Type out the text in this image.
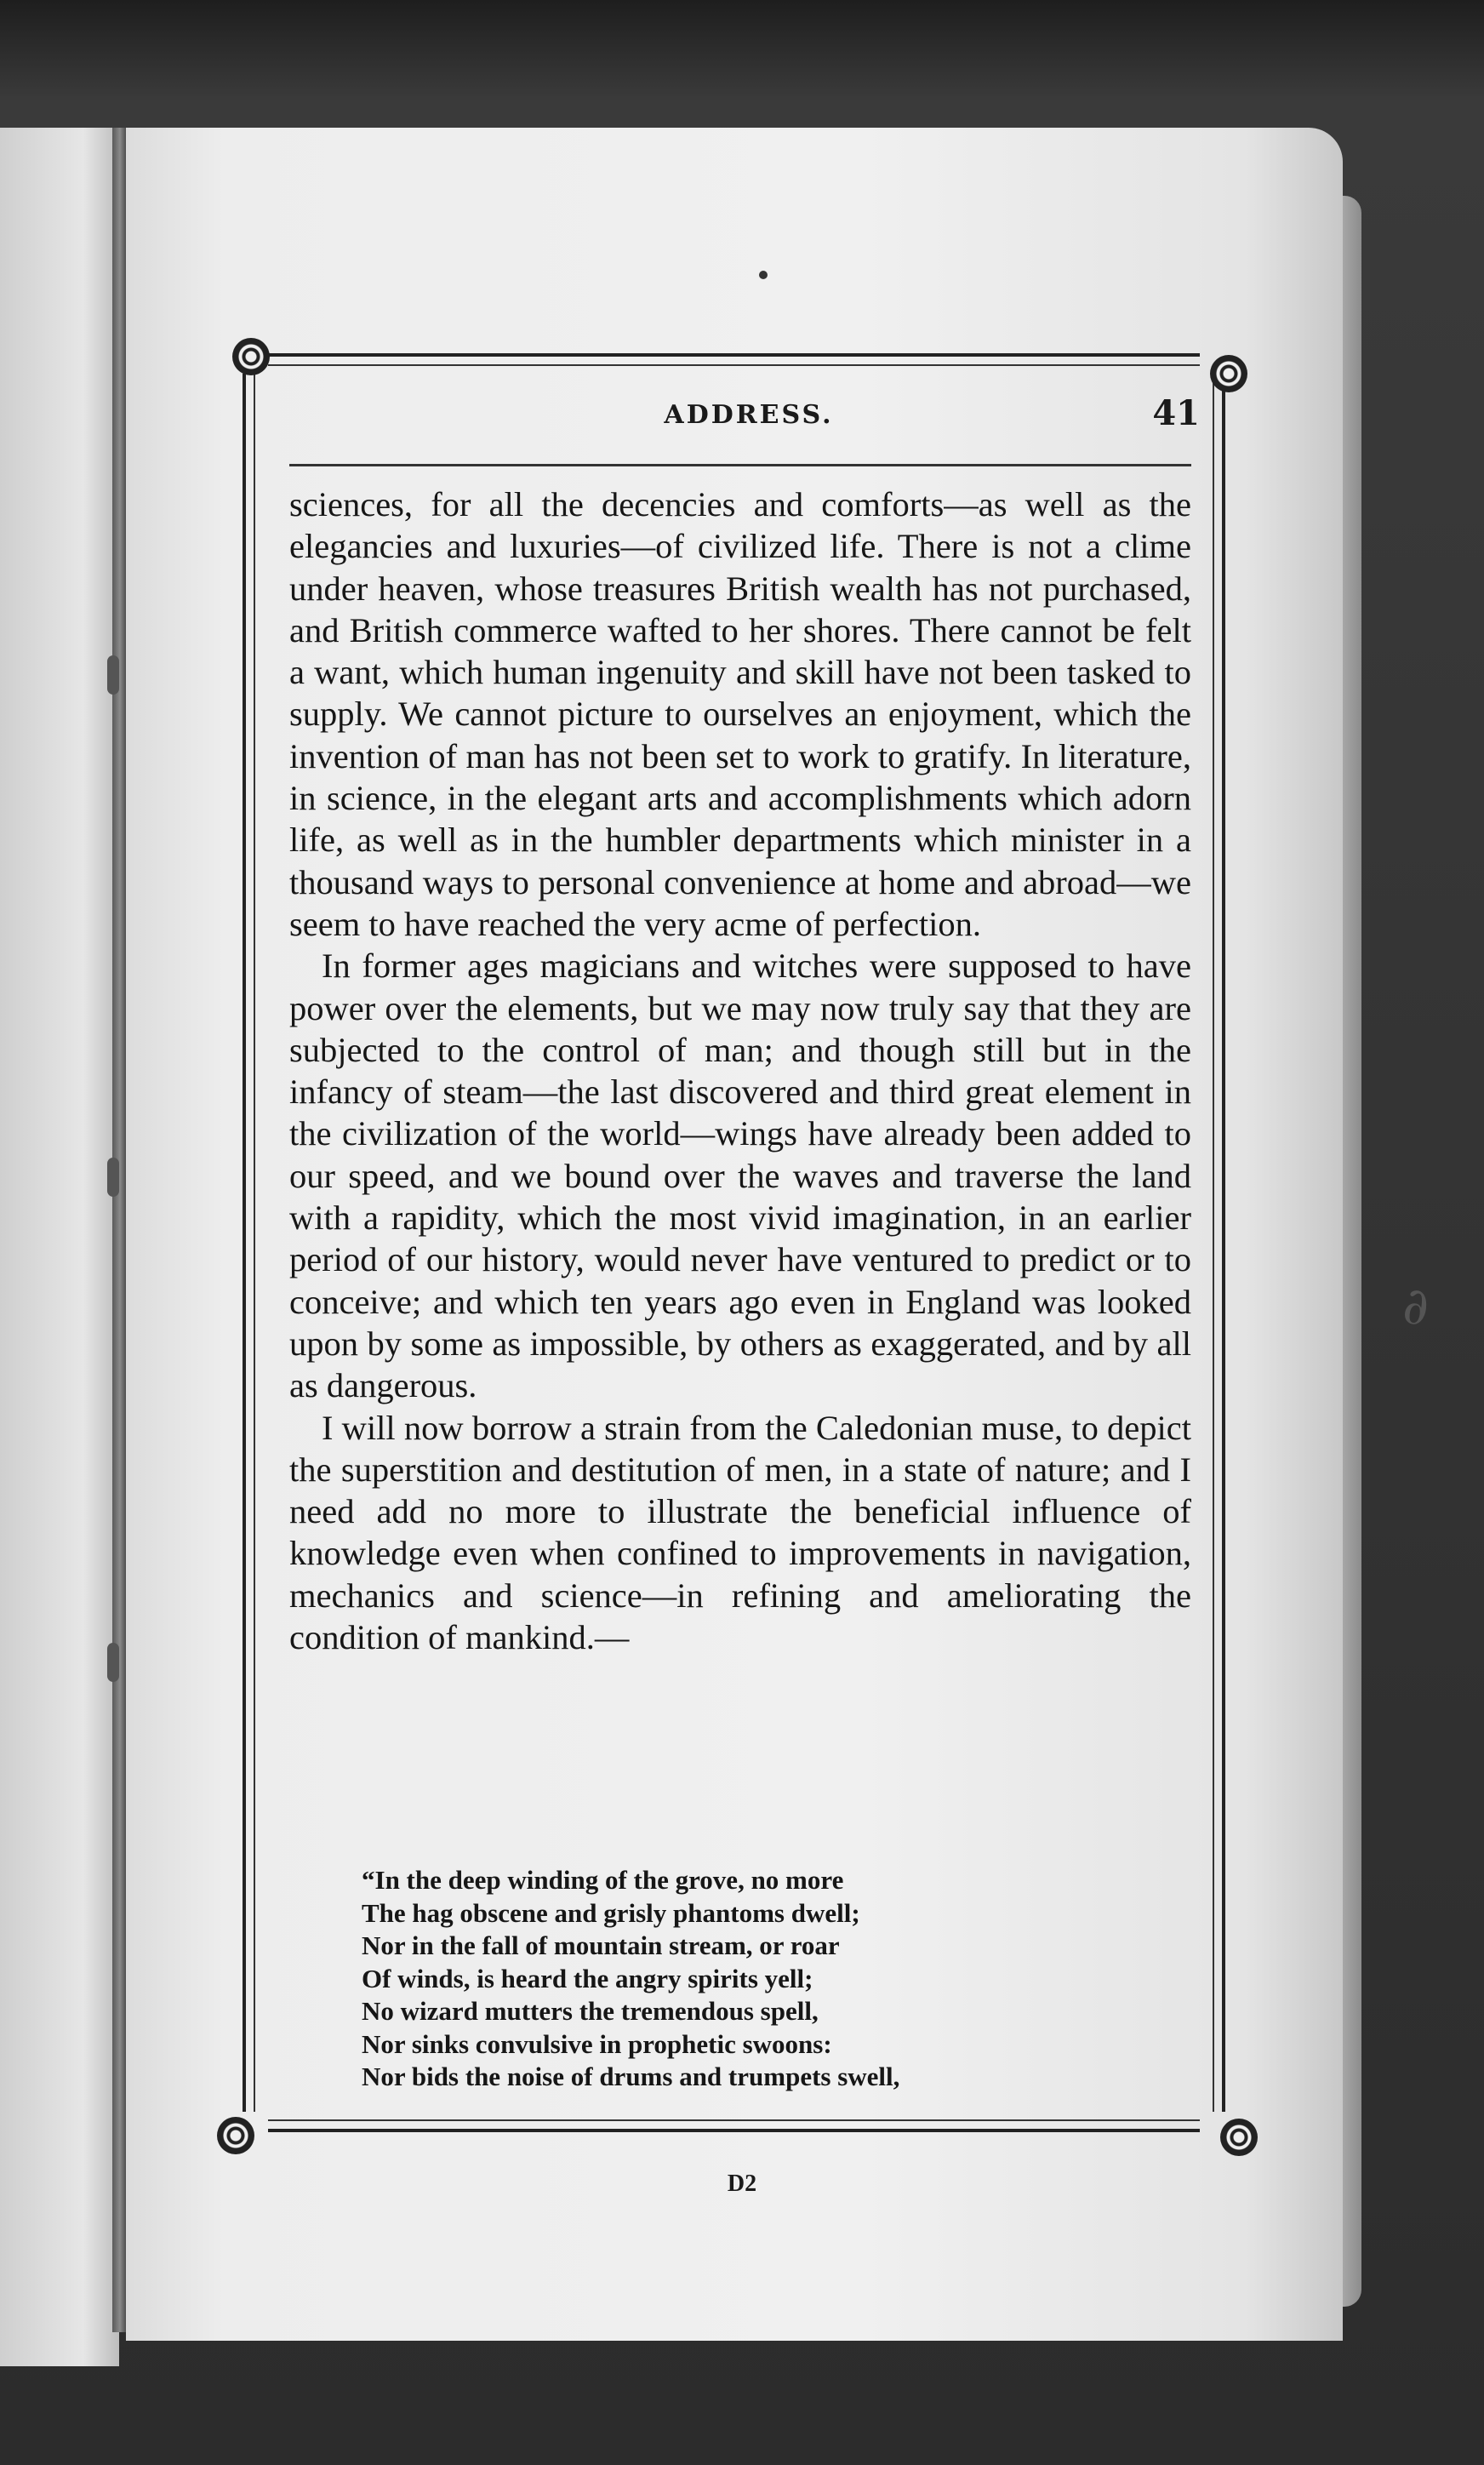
∂
ADDRESS.	41

sciences, for all the decencies and comforts—as well as the elegancies and luxuries—of civilized life. There is not a clime under heaven, whose treasures British wealth has not purchased, and British commerce wafted to her shores. There cannot be felt a want, which human ingenuity and skill have not been tasked to supply. We cannot picture to ourselves an enjoyment, which the invention of man has not been set to work to gratify. In literature, in science, in the elegant arts and accomplishments which adorn life, as well as in the humbler departments which minister in a thousand ways to personal convenience at home and abroad—we seem to have reached the very acme of perfection.

In former ages magicians and witches were supposed to have power over the elements, but we may now truly say that they are subjected to the control of man; and though still but in the infancy of steam—the last discovered and third great element in the civilization of the world—wings have already been added to our speed, and we bound over the waves and traverse the land with a rapidity, which the most vivid imagination, in an earlier period of our history, would never have ventured to predict or to conceive; and which ten years ago even in England was looked upon by some as impossible, by others as exaggerated, and by all as dangerous.

I will now borrow a strain from the Caledonian muse, to depict the superstition and destitution of men, in a state of nature; and I need add no more to illustrate the beneficial influence of knowledge even when confined to improvements in navigation, mechanics and science—in refining and ameliorating the condition of mankind.—

“In the deep winding of the grove, no more
The hag obscene and grisly phantoms dwell;
Nor in the fall of mountain stream, or roar
Of winds, is heard the angry spirits yell;
No wizard mutters the tremendous spell,
Nor sinks convulsive in prophetic swoons:
Nor bids the noise of drums and trumpets swell,
D2
